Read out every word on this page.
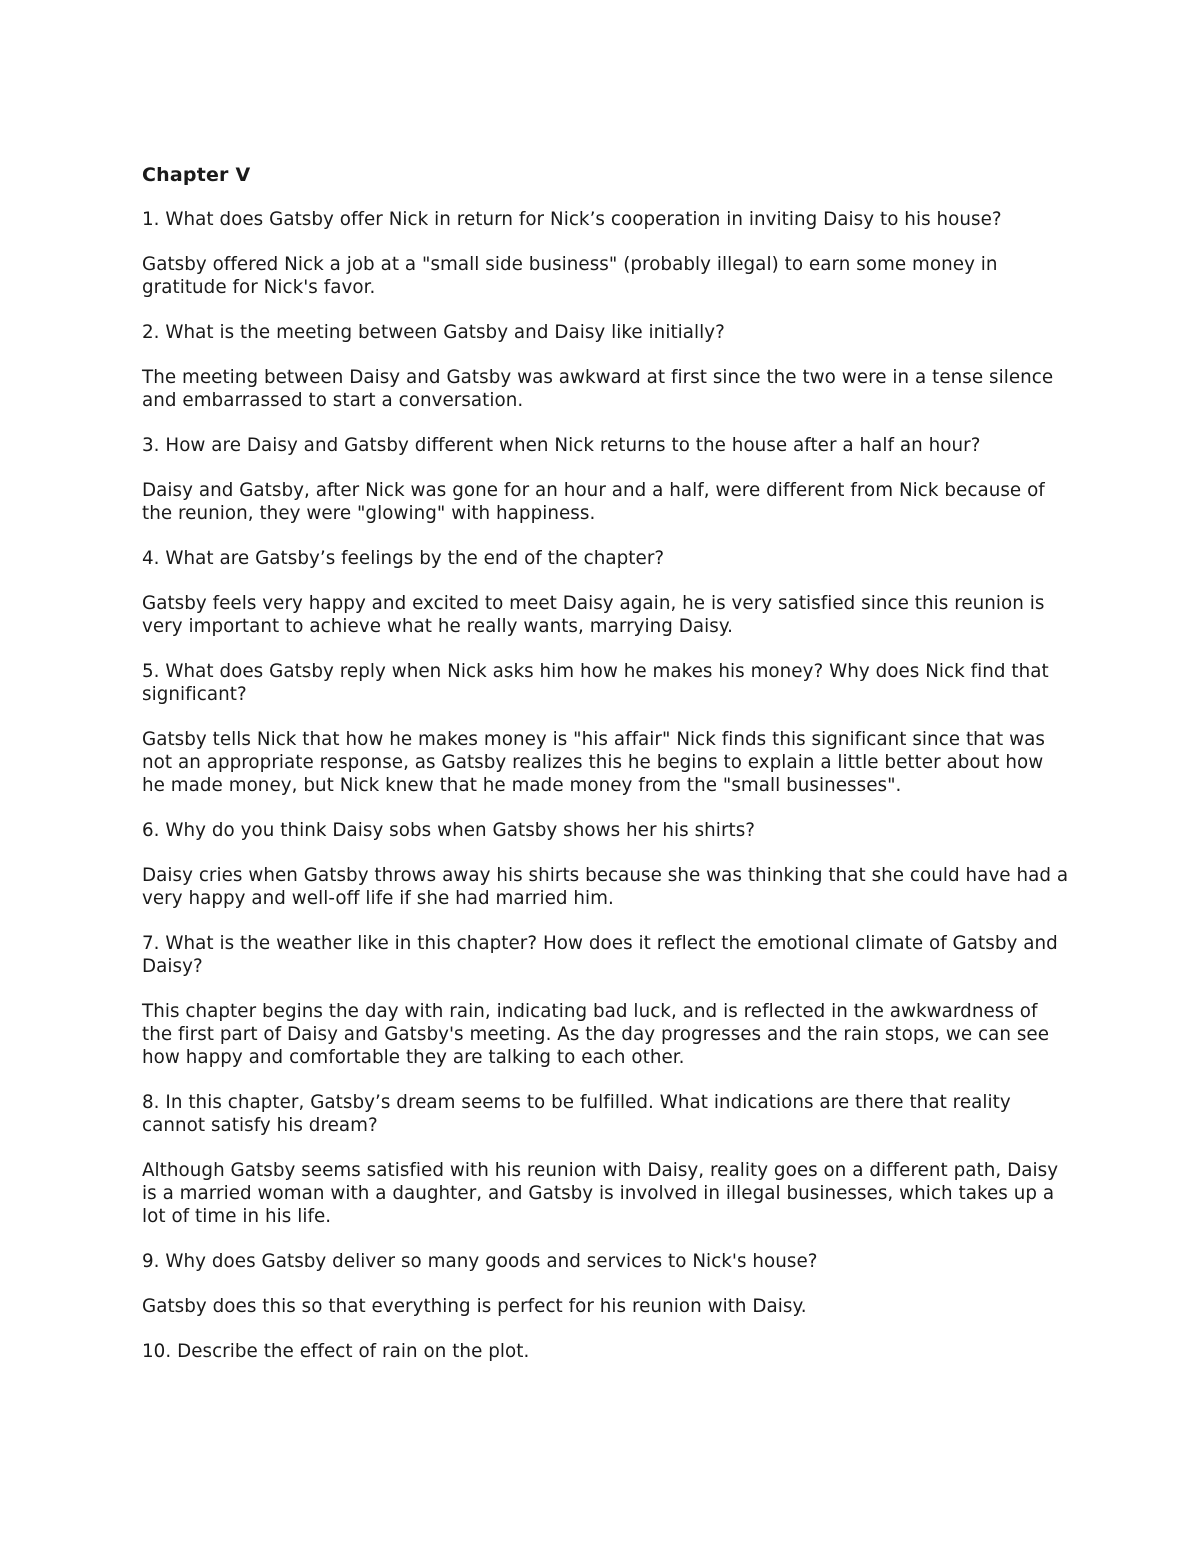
Chapter V

1. What does Gatsby offer Nick in return for Nick’s cooperation in inviting Daisy to his house?

Gatsby offered Nick a job at a "small side business" (probably illegal) to earn some money in gratitude for Nick's favor.

2. What is the meeting between Gatsby and Daisy like initially?

The meeting between Daisy and Gatsby was awkward at first since the two were in a tense silence and embarrassed to start a conversation.

3. How are Daisy and Gatsby different when Nick returns to the house after a half an hour?

Daisy and Gatsby, after Nick was gone for an hour and a half, were different from Nick because of the reunion, they were "glowing" with happiness.

4. What are Gatsby’s feelings by the end of the chapter?

Gatsby feels very happy and excited to meet Daisy again, he is very satisfied since this reunion is very important to achieve what he really wants, marrying Daisy.

5. What does Gatsby reply when Nick asks him how he makes his money? Why does Nick find that significant?

Gatsby tells Nick that how he makes money is "his affair" Nick finds this significant since that was not an appropriate response, as Gatsby realizes this he begins to explain a little better about how he made money, but Nick knew that he made money from the "small businesses".

6. Why do you think Daisy sobs when Gatsby shows her his shirts?

Daisy cries when Gatsby throws away his shirts because she was thinking that she could have had a very happy and well-off life if she had married him.

7. What is the weather like in this chapter? How does it reflect the emotional climate of Gatsby and Daisy?

This chapter begins the day with rain, indicating bad luck, and is reflected in the awkwardness of the first part of Daisy and Gatsby's meeting. As the day progresses and the rain stops, we can see how happy and comfortable they are talking to each other.

8. In this chapter, Gatsby’s dream seems to be fulfilled. What indications are there that reality cannot satisfy his dream?

Although Gatsby seems satisfied with his reunion with Daisy, reality goes on a different path, Daisy is a married woman with a daughter, and Gatsby is involved in illegal businesses, which takes up a lot of time in his life.

9. Why does Gatsby deliver so many goods and services to Nick's house?

Gatsby does this so that everything is perfect for his reunion with Daisy.

10. Describe the effect of rain on the plot.
